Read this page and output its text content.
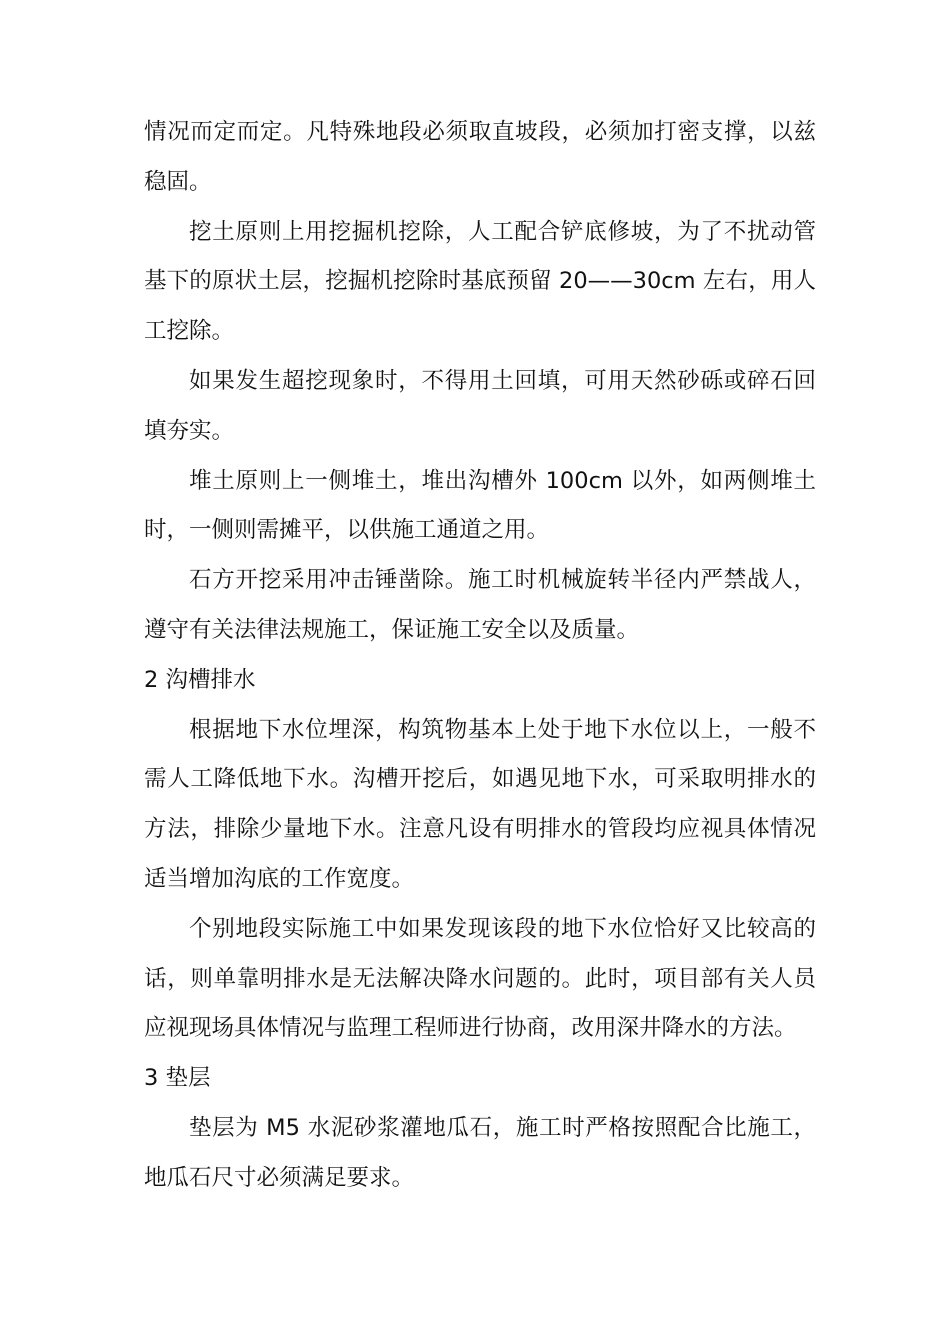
情况而定而定。凡特殊地段必须取直坡段，必须加打密支撑，以兹稳固。

挖土原则上用挖掘机挖除，人工配合铲底修坡，为了不扰动管基下的原状土层，挖掘机挖除时基底预留 20——30cm 左右，用人工挖除。

如果发生超挖现象时，不得用土回填，可用天然砂砾或碎石回填夯实。

堆土原则上一侧堆土，堆出沟槽外 100cm 以外，如两侧堆土时，一侧则需摊平，以供施工通道之用。

石方开挖采用冲击锤凿除。施工时机械旋转半径内严禁战人，遵守有关法律法规施工，保证施工安全以及质量。

2 沟槽排水

根据地下水位埋深，构筑物基本上处于地下水位以上，一般不需人工降低地下水。沟槽开挖后，如遇见地下水，可采取明排水的方法，排除少量地下水。注意凡设有明排水的管段均应视具体情况适当增加沟底的工作宽度。

个别地段实际施工中如果发现该段的地下水位恰好又比较高的话，则单靠明排水是无法解决降水问题的。此时，项目部有关人员应视现场具体情况与监理工程师进行协商，改用深井降水的方法。

3 垫层

垫层为 M5 水泥砂浆灌地瓜石，施工时严格按照配合比施工，地瓜石尺寸必须满足要求。
